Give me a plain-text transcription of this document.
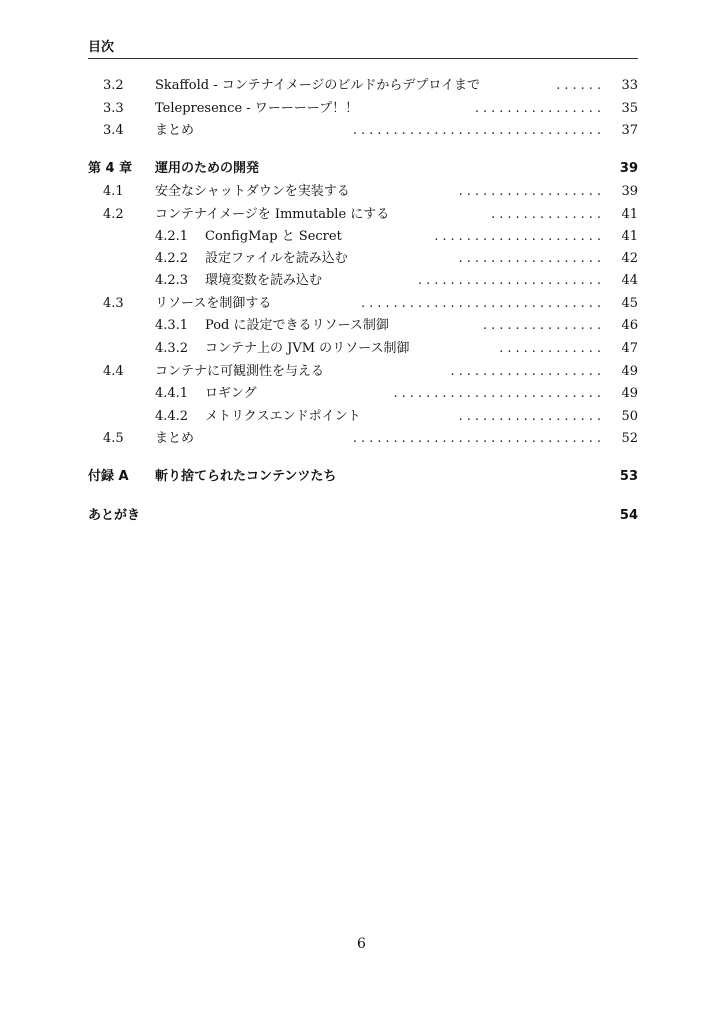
目次
3.2 Skaffold - コンテナイメージのビルドからデプロイまで	...... 33
3.3 Telepresence - ワーーーープ！！	................ 35
3.4 まとめ	............................... 37
第 4 章 運用のための開発	39
4.1 安全なシャットダウンを実装する	.................. 39
4.2 コンテナイメージを Immutable にする	.............. 41
4.2.1 ConfigMap と Secret	..................... 41
4.2.2 設定ファイルを読み込む	.................. 42
4.2.3 環境変数を読み込む	....................... 44
4.3 リソースを制御する	.............................. 45
4.3.1 Pod に設定できるリソース制御	............... 46
4.3.2 コンテナ上の JVM のリソース制御	............. 47
4.4 コンテナに可観測性を与える	................... 49
4.4.1 ロギング	.......................... 49
4.4.2 メトリクスエンドポイント	.................. 50
4.5 まとめ	............................... 52
付録 A 斬り捨てられたコンテンツたち	53
あとがき	54
6
